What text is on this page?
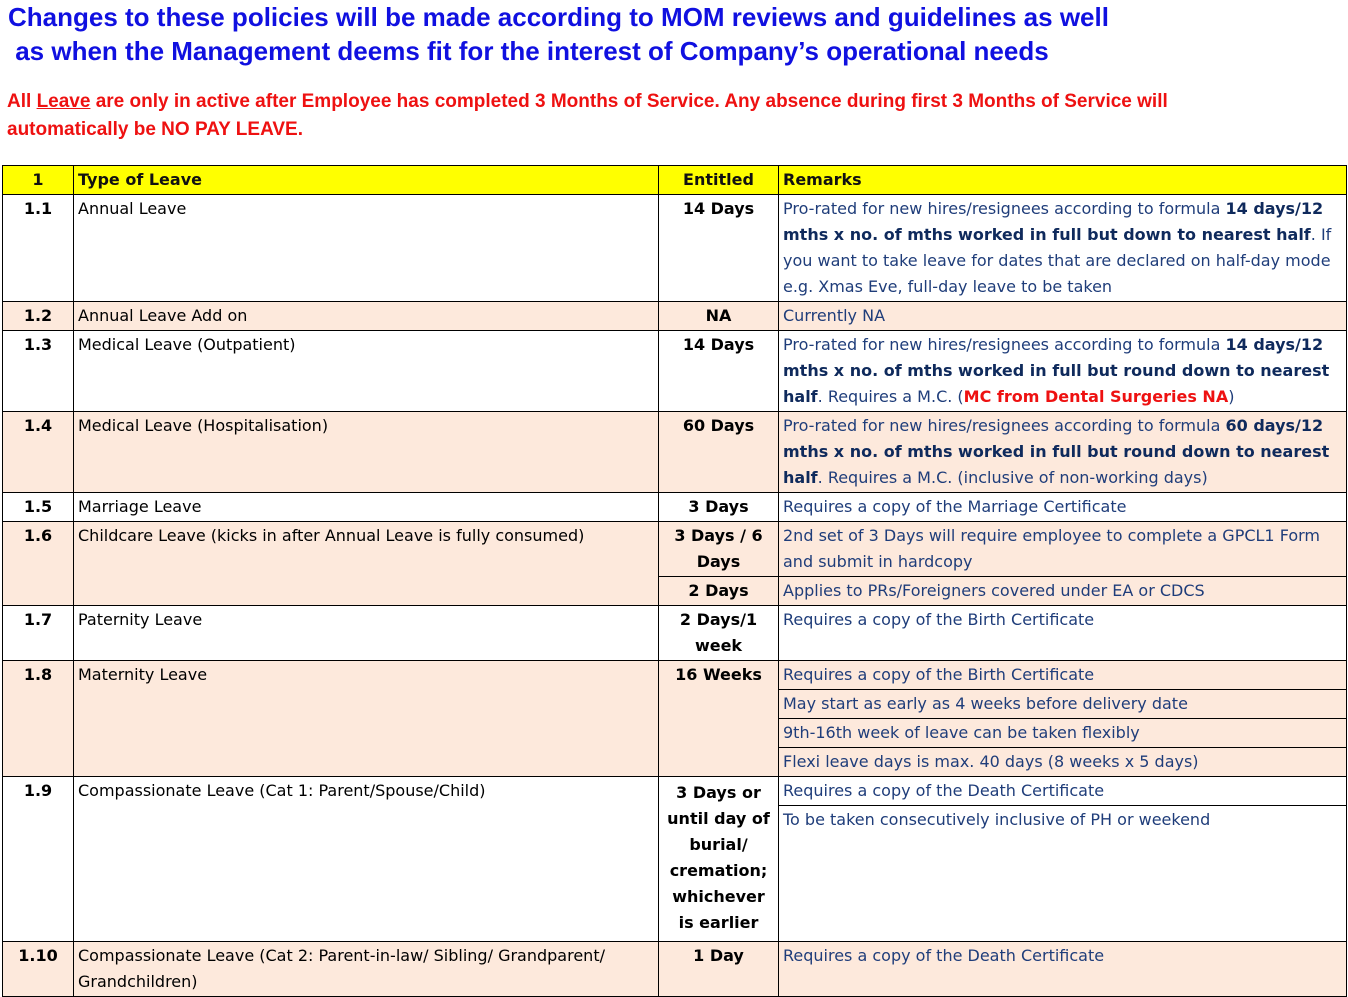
Changes to these policies will be made according to MOM reviews and guidelines as well
as when the Management deems fit for the interest of Company’s operational needs
All Leave are only in active after Employee has completed 3 Months of Service. Any absence during first 3 Months of Service will automatically be NO PAY LEAVE.
1	Type of Leave	Entitled	Remarks
1.1	Annual Leave	14 Days	Pro-rated for new hires/resignees according to formula 14 days/12 mths x no. of mths worked in full but down to nearest half. If you want to take leave for dates that are declared on half-day mode e.g. Xmas Eve, full-day leave to be taken
1.2	Annual Leave Add on	NA	Currently NA
1.3	Medical Leave (Outpatient)	14 Days	Pro-rated for new hires/resignees according to formula 14 days/12 mths x no. of mths worked in full but round down to nearest half. Requires a M.C. (MC from Dental Surgeries NA)
1.4	Medical Leave (Hospitalisation)	60 Days	Pro-rated for new hires/resignees according to formula 60 days/12 mths x no. of mths worked in full but round down to nearest half. Requires a M.C. (inclusive of non-working days)
1.5	Marriage Leave	3 Days	Requires a copy of the Marriage Certificate
1.6	Childcare Leave (kicks in after Annual Leave is fully consumed)	3 Days / 6 Days	2nd set of 3 Days will require employee to complete a GPCL1 Form and submit in hardcopy
		2 Days	Applies to PRs/Foreigners covered under EA or CDCS
1.7	Paternity Leave	2 Days/1 week	Requires a copy of the Birth Certificate
1.8	Maternity Leave	16 Weeks	Requires a copy of the Birth Certificate
			May start as early as 4 weeks before delivery date
			9th-16th week of leave can be taken flexibly
			Flexi leave days is max. 40 days (8 weeks x 5 days)
1.9	Compassionate Leave (Cat 1: Parent/Spouse/Child)	3 Days or until day of burial/ cremation; whichever is earlier	Requires a copy of the Death Certificate
			To be taken consecutively inclusive of PH or weekend
1.10	Compassionate Leave (Cat 2: Parent-in-law/ Sibling/ Grandparent/ Grandchildren)	1 Day	Requires a copy of the Death Certificate
